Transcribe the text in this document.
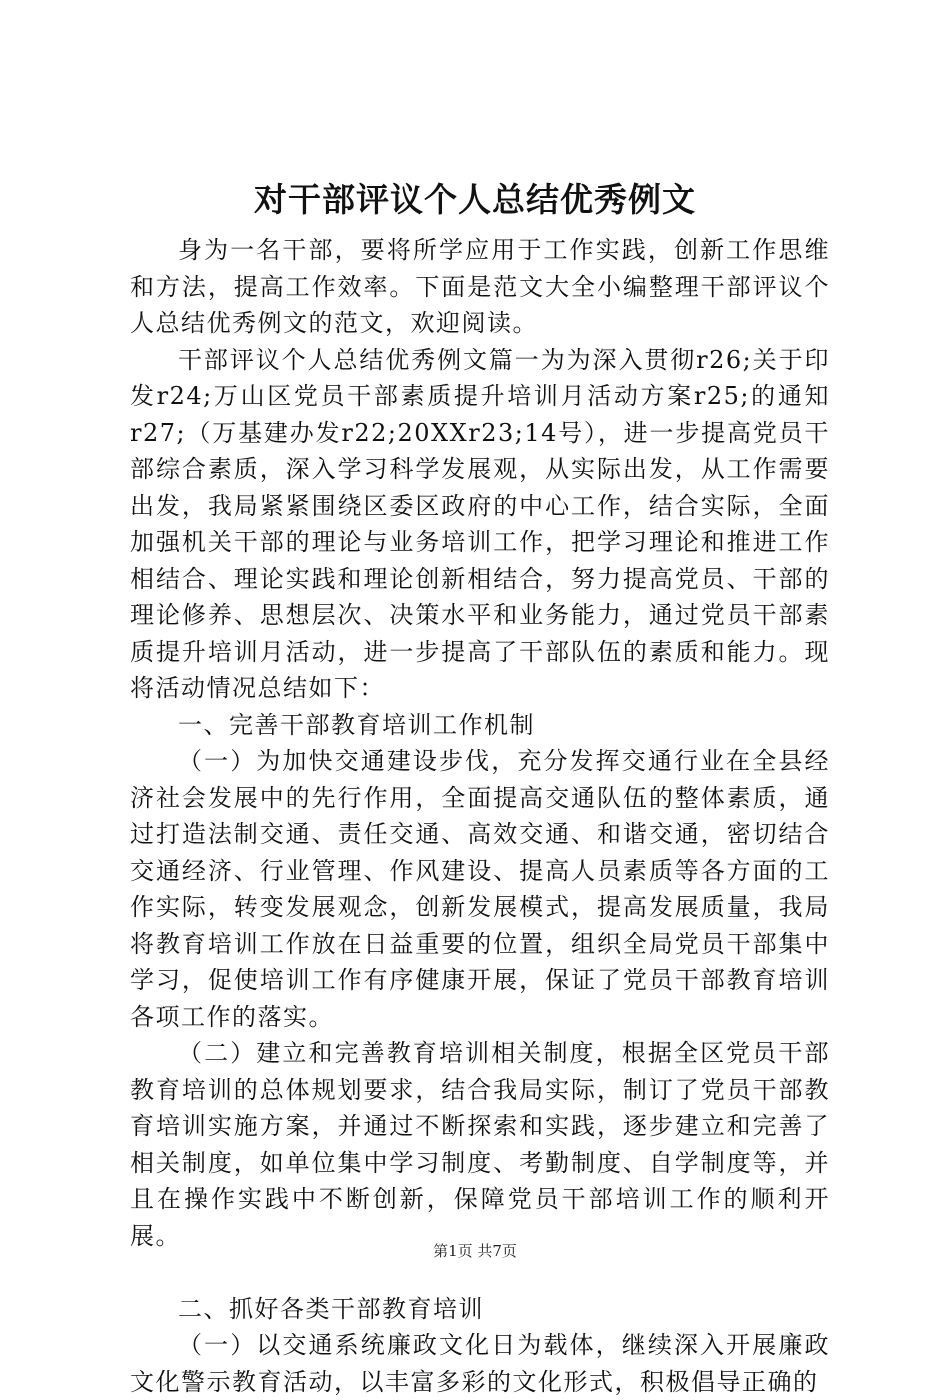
对干部评议个人总结优秀例文

身为一名干部，要将所学应用于工作实践，创新工作思维和方法，提高工作效率。下面是范文大全小编整理干部评议个人总结优秀例文的范文，欢迎阅读。

干部评议个人总结优秀例文篇一为为深入贯彻r26;关于印发r24;万山区党员干部素质提升培训月活动方案r25;的通知r27;（万基建办发r22;20XXr23;14号），进一步提高党员干部综合素质，深入学习科学发展观，从实际出发，从工作需要出发，我局紧紧围绕区委区政府的中心工作，结合实际，全面加强机关干部的理论与业务培训工作，把学习理论和推进工作相结合、理论实践和理论创新相结合，努力提高党员、干部的理论修养、思想层次、决策水平和业务能力，通过党员干部素质提升培训月活动，进一步提高了干部队伍的素质和能力。现将活动情况总结如下：

一、完善干部教育培训工作机制

（一）为加快交通建设步伐，充分发挥交通行业在全县经济社会发展中的先行作用，全面提高交通队伍的整体素质，通过打造法制交通、责任交通、高效交通、和谐交通，密切结合交通经济、行业管理、作风建设、提高人员素质等各方面的工作实际，转变发展观念，创新发展模式，提高发展质量，我局将教育培训工作放在日益重要的位置，组织全局党员干部集中学习，促使培训工作有序健康开展，保证了党员干部教育培训各项工作的落实。

（二）建立和完善教育培训相关制度，根据全区党员干部教育培训的总体规划要求，结合我局实际，制订了党员干部教育培训实施方案，并通过不断探索和实践，逐步建立和完善了相关制度，如单位集中学习制度、考勤制度、自学制度等，并且在操作实践中不断创新，保障党员干部培训工作的顺利开展。

二、抓好各类干部教育培训

（一）以交通系统廉政文化日为载体，继续深入开展廉政文化警示教育活动，以丰富多彩的文化形式，积极倡导正确的

第1页 共7页
